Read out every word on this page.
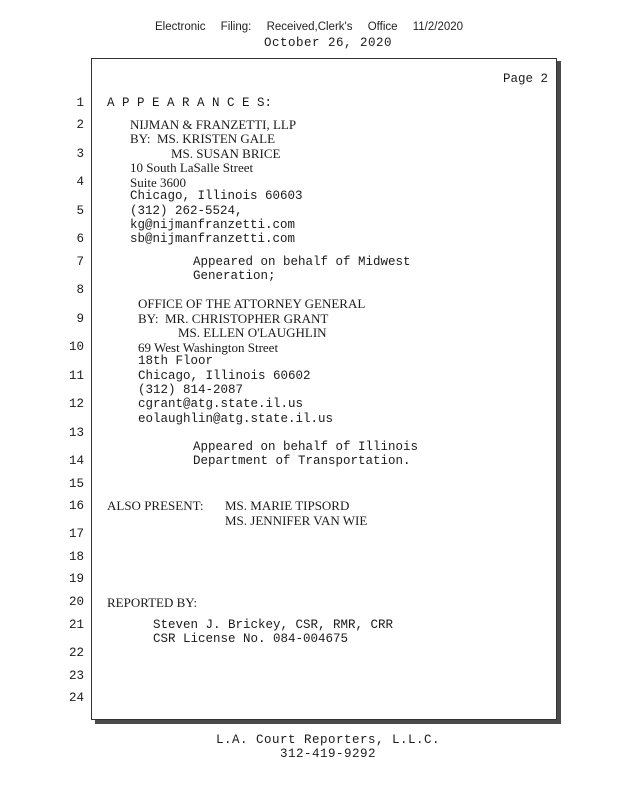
Electronic Filing: Received,Clerk's Office 11/2/2020
October 26, 2020
Page 2
1
2
3
4
5
6
7
8
9
10
11
12
13
14
15
16
17
18
19
20
21
22
23
24
A P P E A R A N C E S:
NIJMAN & FRANZETTI, LLP
BY:  MS. KRISTEN GALE
MS. SUSAN BRICE
10 South LaSalle Street
Suite 3600
Chicago, Illinois 60603
(312) 262-5524,
kg@nijmanfranzetti.com
sb@nijmanfranzetti.com
Appeared on behalf of Midwest
Generation;
OFFICE OF THE ATTORNEY GENERAL
BY:  MR. CHRISTOPHER GRANT
MS. ELLEN O'LAUGHLIN
69 West Washington Street
18th Floor
Chicago, Illinois 60602
(312) 814-2087
cgrant@atg.state.il.us
eolaughlin@atg.state.il.us
Appeared on behalf of Illinois
Department of Transportation.
ALSO PRESENT: MS. MARIE TIPSORD
MS. JENNIFER VAN WIE
REPORTED BY:
Steven J. Brickey, CSR, RMR, CRR
CSR License No. 084-004675
L.A. Court Reporters, L.L.C.
312-419-9292
